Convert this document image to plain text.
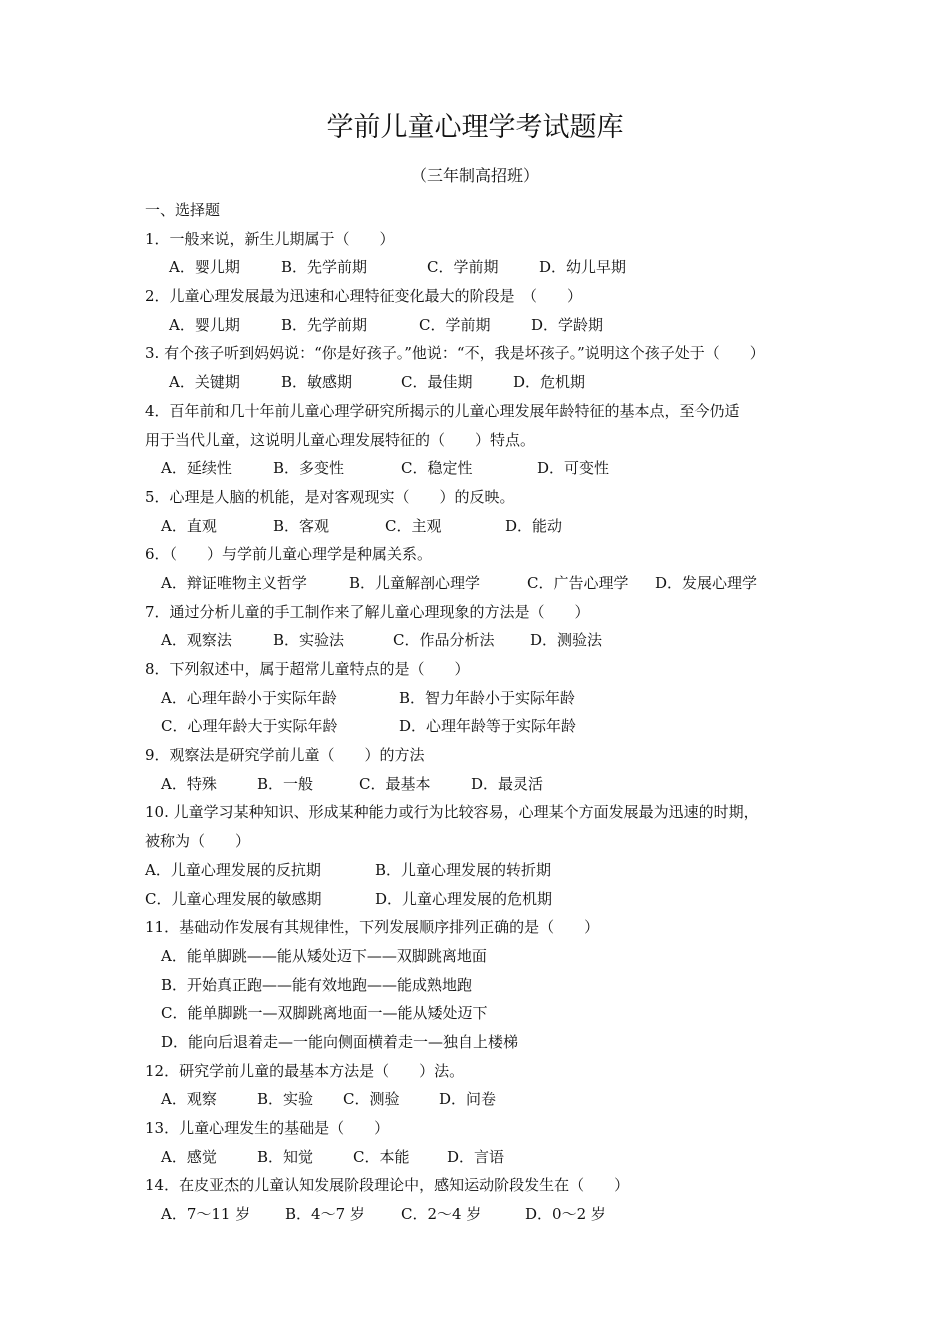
学前儿童心理学考试题库
（三年制高招班）
一、选择题
1．一般来说，新生儿期属于（　　）
A．婴儿期	B．先学前期	C．学前期	D．幼儿早期
2．儿童心理发展最为迅速和心理特征变化最大的阶段是　（　　）
A．婴儿期	B．先学前期	C．学前期	D．学龄期
3. 有个孩子听到妈妈说：“你是好孩子。”他说：“不，我是坏孩子。”说明这个孩子处于（　　）
A．关键期	B．敏感期	C．最佳期	D．危机期
4．百年前和几十年前儿童心理学研究所揭示的儿童心理发展年龄特征的基本点，至今仍适
用于当代儿童，这说明儿童心理发展特征的（　　）特点。
A．延续性	B．多变性	C．稳定性	D．可变性
5．心理是人脑的机能，是对客观现实（　　）的反映。
A．直观	B．客观	C．主观	D．能动
6．（　　）与学前儿童心理学是种属关系。
A．辩证唯物主义哲学	B．儿童解剖心理学	C．广告心理学 D．发展心理学
7．通过分析儿童的手工制作来了解儿童心理现象的方法是（　　）
A．观察法	B．实验法	C．作品分析法 D．测验法
8．下列叙述中，属于超常儿童特点的是（　　）
A．心理年龄小于实际年龄	B．智力年龄小于实际年龄
C．心理年龄大于实际年龄	D．心理年龄等于实际年龄
9．观察法是研究学前儿童（　　）的方法
A．特殊	B．一般	C．最基本	D．最灵活
10. 儿童学习某种知识、形成某种能力或行为比较容易，心理某个方面发展最为迅速的时期，
被称为（　　）
A．儿童心理发展的反抗期	B．儿童心理发展的转折期
C．儿童心理发展的敏感期	D．儿童心理发展的危机期
11．基础动作发展有其规律性，下列发展顺序排列正确的是（　　）
A．能单脚跳——能从矮处迈下——双脚跳离地面
B．开始真正跑——能有效地跑——能成熟地跑
C．能单脚跳一—双脚跳离地面一—能从矮处迈下
D．能向后退着走—一能向侧面横着走一—独自上楼梯
12．研究学前儿童的最基本方法是（　　）法。
A．观察	B．实验 C．测验	D．问卷
13．儿童心理发生的基础是（　　）
A．感觉	B．知觉	C．本能	D．言语
14．在皮亚杰的儿童认知发展阶段理论中，感知运动阶段发生在（　　）
A．7～11 岁 B．4～7 岁 C．2～4 岁	D．0～2 岁
